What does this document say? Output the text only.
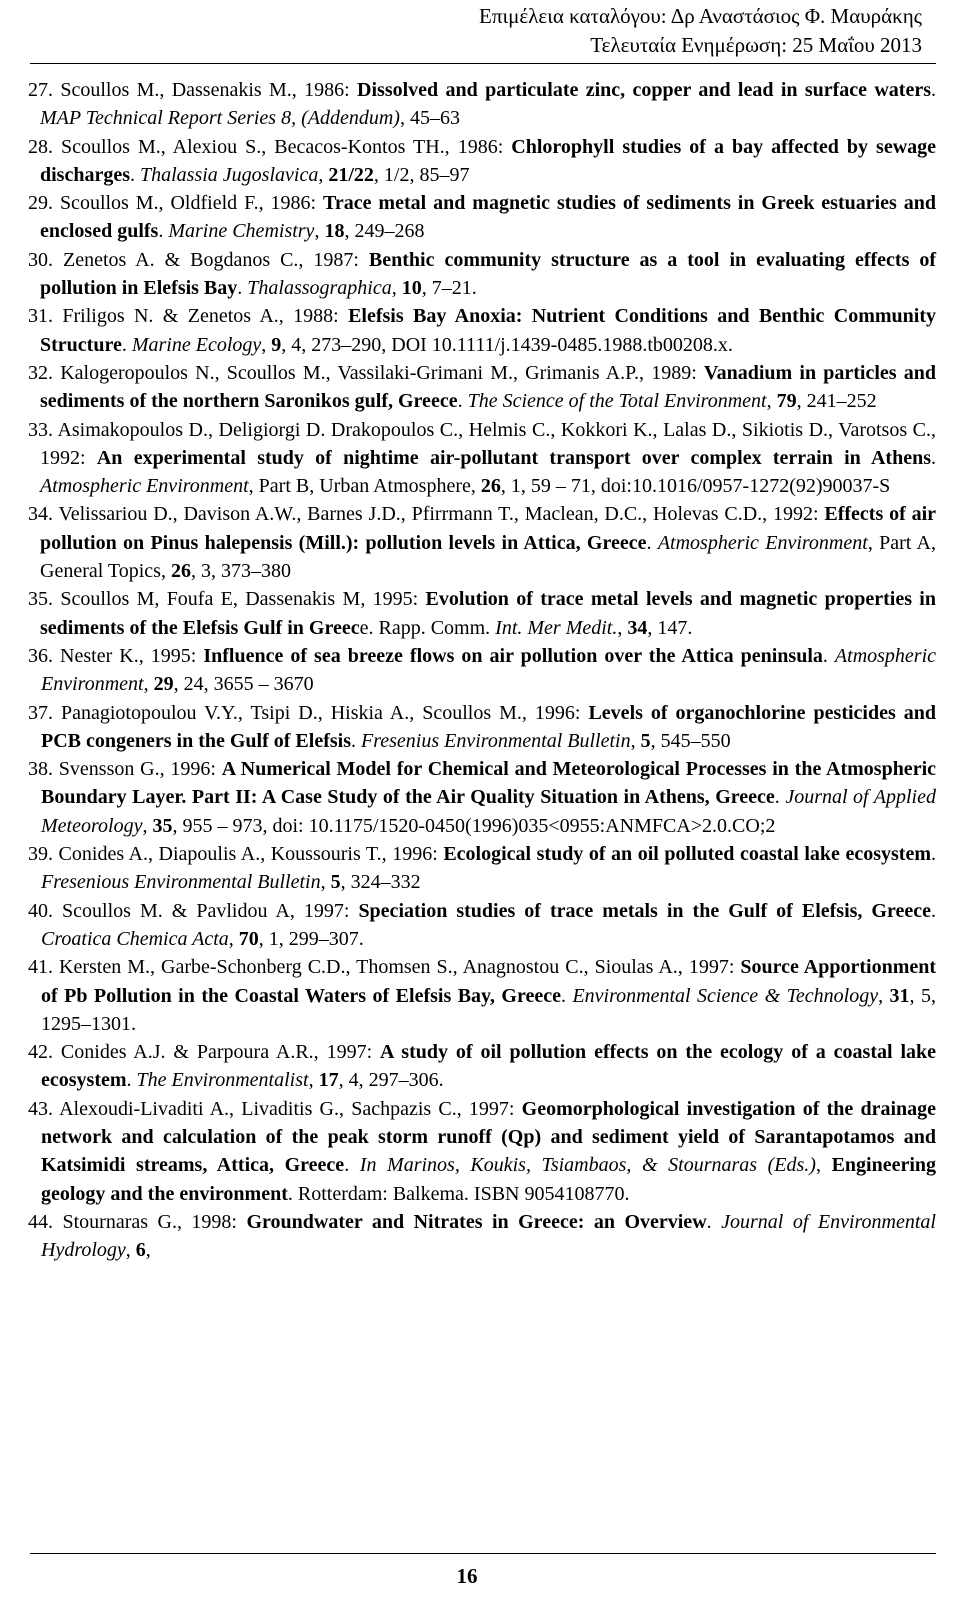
Επιμέλεια καταλόγου: Δρ Αναστάσιος Φ. Μαυράκης
Τελευταία Ενημέρωση: 25 Μαΐου 2013

27. Scoullos M., Dassenakis M., 1986: Dissolved and particulate zinc, copper and lead in surface waters. MAP Technical Report Series 8, (Addendum), 45–63

28. Scoullos M., Alexiou S., Becacos-Kontos TH., 1986: Chlorophyll studies of a bay affected by sewage discharges. Thalassia Jugoslavica, 21/22, 1/2, 85–97

29. Scoullos M., Oldfield F., 1986: Trace metal and magnetic studies of sediments in Greek estuaries and enclosed gulfs. Marine Chemistry, 18, 249–268

30. Zenetos A. & Bogdanos C., 1987: Benthic community structure as a tool in evaluating effects of pollution in Elefsis Bay. Thalassographica, 10, 7–21.

31. Friligos N. & Zenetos A., 1988: Elefsis Bay Anoxia: Nutrient Conditions and Benthic Community Structure. Marine Ecology, 9, 4, 273–290, DOI 10.1111/j.1439-0485.1988.tb00208.x.

32. Kalogeropoulos N., Scoullos M., Vassilaki-Grimani M., Grimanis A.P., 1989: Vanadium in particles and sediments of the northern Saronikos gulf, Greece. The Science of the Total Environment, 79, 241–252

33. Asimakopoulos D., Deligiorgi D. Drakopoulos C., Helmis C., Kokkori K., Lalas D., Sikiotis D., Varotsos C., 1992: An experimental study of nightime air-pollutant transport over complex terrain in Athens. Atmospheric Environment, Part B, Urban Atmosphere, 26, 1, 59 – 71, doi:10.1016/0957-1272(92)90037-S

34. Velissariou D., Davison A.W., Barnes J.D., Pfirrmann T., Maclean, D.C., Holevas C.D., 1992: Effects of air pollution on Pinus halepensis (Mill.): pollution levels in Attica, Greece. Atmospheric Environment, Part A, General Topics, 26, 3, 373–380

35. Scoullos M, Foufa E, Dassenakis M, 1995: Evolution of trace metal levels and magnetic properties in sediments of the Elefsis Gulf in Greece. Rapp. Comm. Int. Mer Medit., 34, 147.

36. Nester K., 1995: Influence of sea breeze flows on air pollution over the Attica peninsula. Atmospheric Environment, 29, 24, 3655 – 3670

37. Panagiotopoulou V.Y., Tsipi D., Hiskia A., Scoullos M., 1996: Levels of organochlorine pesticides and PCB congeners in the Gulf of Elefsis. Fresenius Environmental Bulletin, 5, 545–550

38. Svensson G., 1996: A Numerical Model for Chemical and Meteorological Processes in the Atmospheric Boundary Layer. Part II: A Case Study of the Air Quality Situation in Athens, Greece. Journal of Applied Meteorology, 35, 955 – 973, doi: 10.1175/1520-0450(1996)035<0955:ANMFCA>2.0.CO;2

39. Conides A., Diapoulis A., Koussouris T., 1996: Ecological study of an oil polluted coastal lake ecosystem. Fresenious Environmental Bulletin, 5, 324–332

40. Scoullos M. & Pavlidou A, 1997: Speciation studies of trace metals in the Gulf of Elefsis, Greece. Croatica Chemica Acta, 70, 1, 299–307.

41. Kersten M., Garbe-Schonberg C.D., Thomsen S., Anagnostou C., Sioulas A., 1997: Source Apportionment of Pb Pollution in the Coastal Waters of Elefsis Bay, Greece. Environmental Science & Technology, 31, 5, 1295–1301.

42. Conides A.J. & Parpoura A.R., 1997: A study of oil pollution effects on the ecology of a coastal lake ecosystem. The Environmentalist, 17, 4, 297–306.

43. Alexoudi-Livaditi A., Livaditis G., Sachpazis C., 1997: Geomorphological investigation of the drainage network and calculation of the peak storm runoff (Qp) and sediment yield of Sarantapotamos and Katsimidi streams, Attica, Greece. In Marinos, Koukis, Tsiambaos, & Stournaras (Eds.), Engineering geology and the environment. Rotterdam: Balkema. ISBN 9054108770.

44. Stournaras G., 1998: Groundwater and Nitrates in Greece: an Overview. Journal of Environmental Hydrology, 6,

16
